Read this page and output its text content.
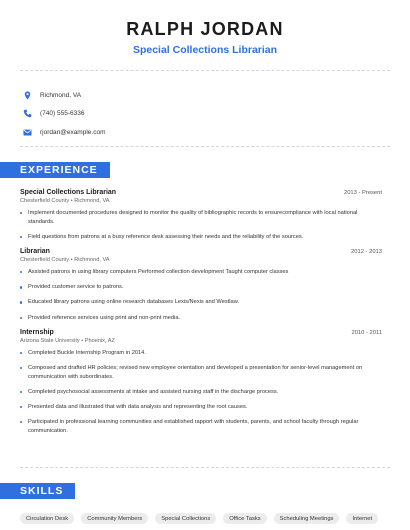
RALPH JORDAN
Special Collections Librarian
Richmond, VA
(740) 555-6336
rjordan@example.com
EXPERIENCE
Special Collections Librarian	2013 - Present
Chesterfield County • Richmond, VA
Implement documented procedures designed to monitor the quality of bibliographic records to ensurecompliance with local national standards.
Field questions from patrons at a busy reference desk assessing their needs and the reliability of the sources.
Librarian	2012 - 2013
Chesterfield County • Richmond, VA
Assisted patrons in using library computers Performed collection development Taught computer classes
Provided customer service to patrons.
Educated library patrons using online research databases Lexis/Nexis and Westlaw.
Provided reference services using print and non-print media.
Internship	2010 - 2011
Arizona State University • Phoenix, AZ
Completed Buckle Internship Program in 2014.
Composed and drafted HR policies; revised new employee orientation and developed a presentation for senior-level management on communication with subordinates.
Completed psychosocial assessments at intake and assisted nursing staff in the discharge process.
Presented data and illustrated that with data analysis and representing the root causes.
Participated in professional learning communities and established rapport with students, parents, and school faculty through regular communication.
SKILLS
Circulation Desk	Community Members	Special Collections	Office Tasks	Scheduling Meetings	Internet
